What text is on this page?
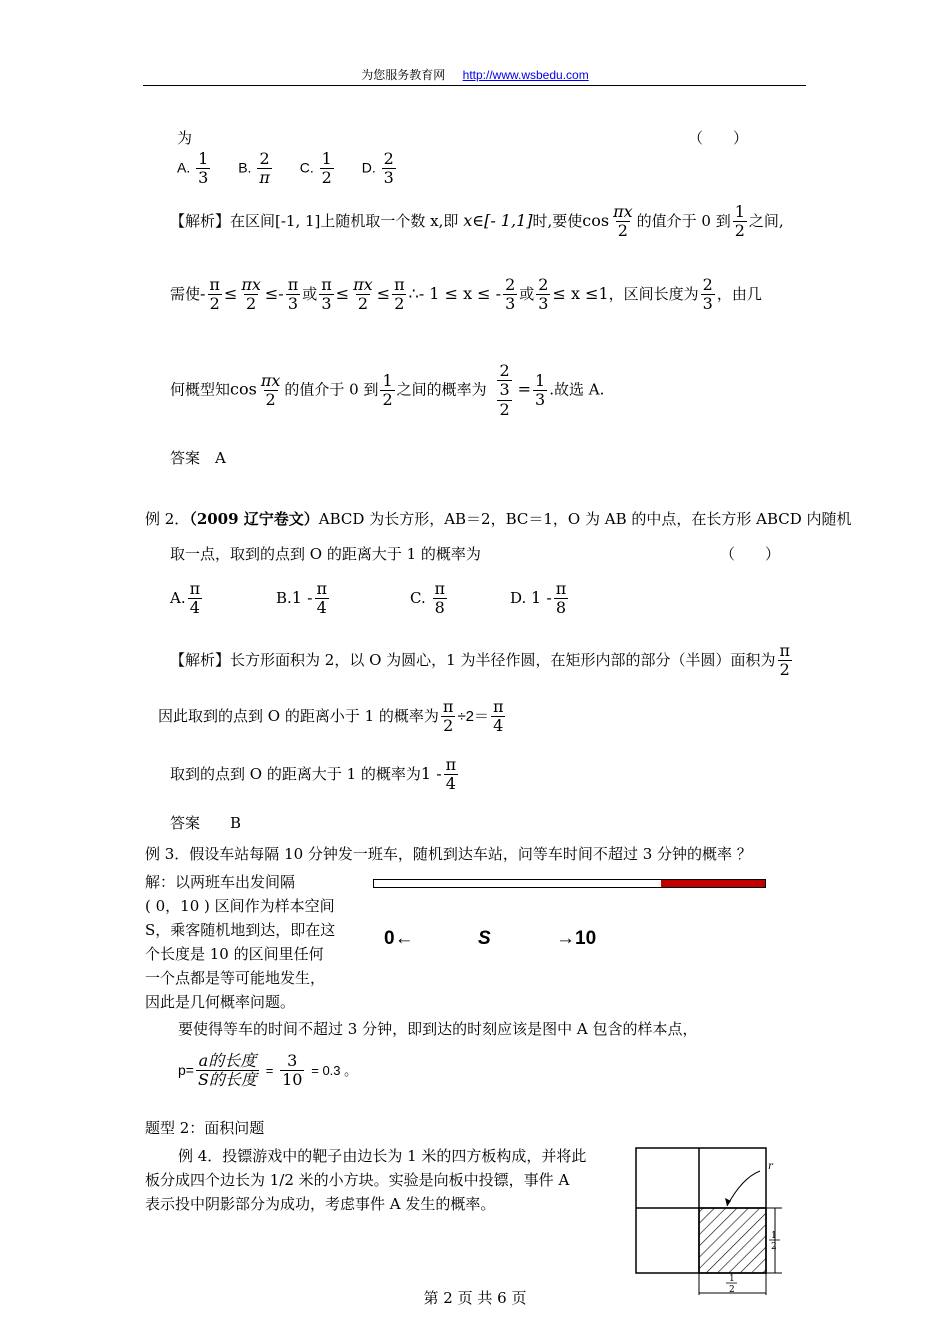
为您服务教育网 http://www.wsbedu.com
为	（　　）
A. $\frac{1}{3} B$. $\frac{2}{\pi} C$. $\frac{1}{2} D$. $\frac{2}{3}$
【解析】在区间[-1, 1]上随机取一个数 x,即 x∈[- 1,1]时,要使$\cos \frac{\pi x}{2}$ 的值介于 0 到 $\frac{1}{2}$ 之间,
需使- $\frac{\pi}{2} \le \frac{\pi x}{2} \le- \frac{\pi}{3}$ 或 $\frac{\pi}{3} \le \frac{\pi x}{2} \le \frac{\pi}{2}$ ∴- 1 ≤ x ≤ - $\frac{2}{3}$ 或 $\frac{2}{3} \le x \le 1$，区间长度为 $\frac{2}{3}$ ，由几
何概型知$\cos \frac{\pi x}{2}$ 的值介于 0 到 $\frac{1}{2}$ 之间的概率为 $\frac{\frac{2}{3}}{2} = \frac{1}{3}$ .故选 A.
答案　A
例 2．（2009 辽宁卷文）ABCD 为长方形，AB＝2，BC＝1，O 为 AB 的中点，在长方形 ABCD 内随机
取一点，取到的点到 O 的距离大于 1 的概率为	（　　）
A. $\frac{\pi}{4}$	$B.1 - \frac{\pi}{4}$	C. $\frac{\pi}{8}$	D. $1 - \frac{\pi}{8}$
【解析】长方形面积为 2，以 O 为圆心，1 为半径作圆，在矩形内部的部分（半圆）面积为 $\frac{\pi}{2}$
因此取到的点到 O 的距离小于 1 的概率为 $\frac{\pi}{2} \div 2= \frac{\pi}{4}$
取到的点到 O 的距离大于 1 的概率为$1 - \frac{\pi}{4}$
答案　　B
例 3．假设车站每隔 10 分钟发一班车，随机到达车站，问等车时间不超过 3 分钟的概率 ？
解：以两班车出发间隔
( 0，10 ) 区间作为样本空间
S，乘客随机地到达，即在这
个长度是 10 的区间里任何
一个点都是等可能地发生，
因此是几何概率问题。
0←	S	→10
要使得等车的时间不超过 3 分钟，即到达的时刻应该是图中 A 包含的样本点，
$p= \frac{\text{a的长度}}{\text{S的长度}} = \frac{3}{10} = 0.3$ 。
题型 2：面积问题
例 4．投镖游戏中的靶子由边长为 1 米的四方板构成，并将此
板分成四个边长为 1/2 米的小方块。实验是向板中投镖，事件 A
表示投中阴影部分为成功，考虑事件 A 发生的概率。
r
1
2
1
2
第 2 页 共 6 页
